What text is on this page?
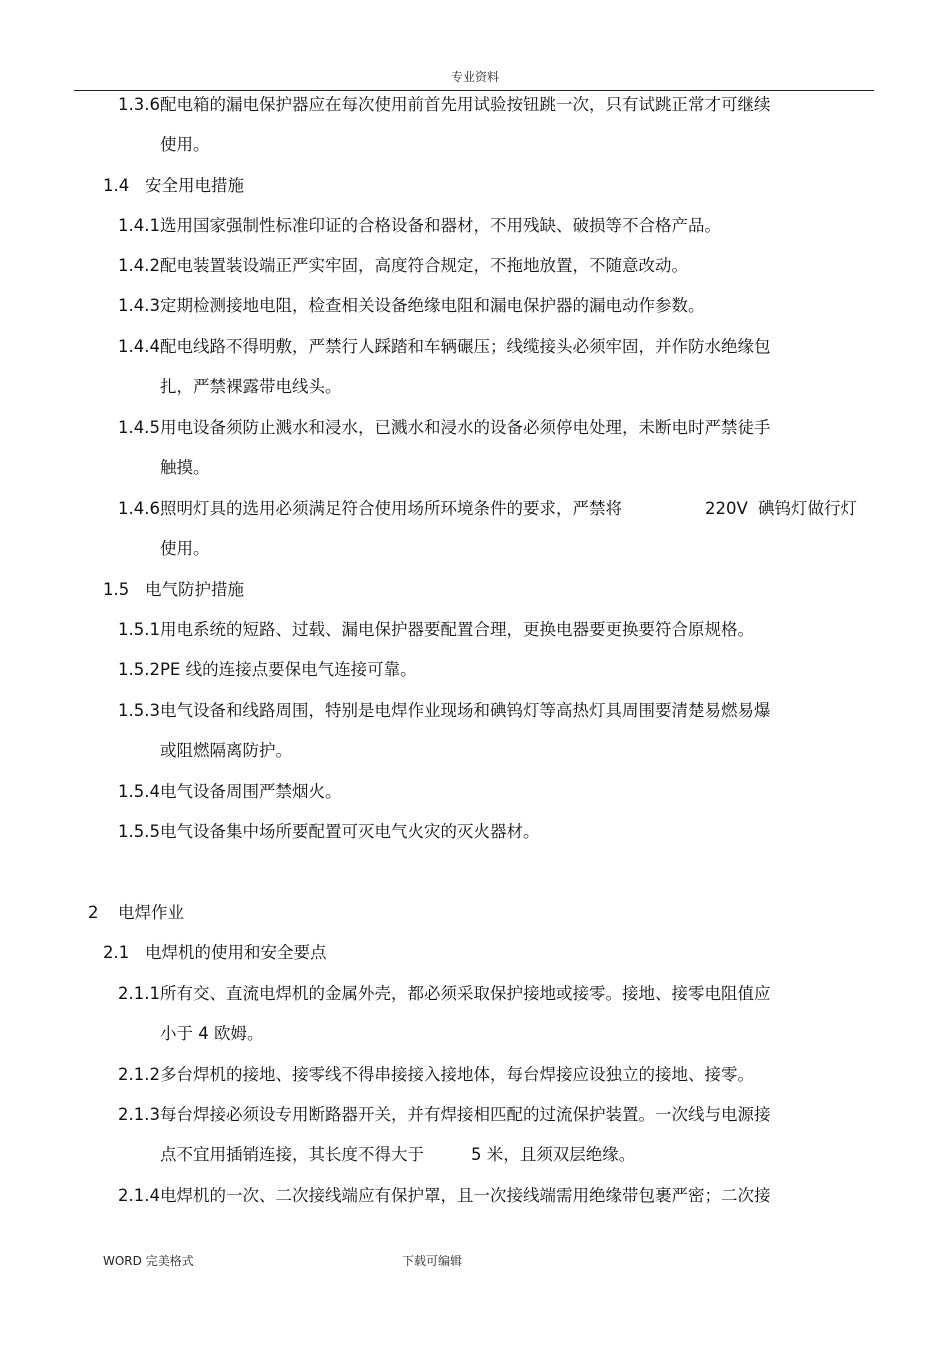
专业资料
1.3.6配电箱的漏电保护器应在每次使用前首先用试验按钮跳一次，只有试跳正常才可继续
使用。
1.4 安全用电措施
1.4.1选用国家强制性标准印证的合格设备和器材，不用残缺、破损等不合格产品。
1.4.2配电装置装设端正严实牢固，高度符合规定，不拖地放置，不随意改动。
1.4.3定期检测接地电阻，检查相关设备绝缘电阻和漏电保护器的漏电动作参数。
1.4.4配电线路不得明敷，严禁行人踩踏和车辆碾压；线缆接头必须牢固，并作防水绝缘包
扎，严禁裸露带电线头。
1.4.5用电设备须防止溅水和浸水，已溅水和浸水的设备必须停电处理，未断电时严禁徒手
触摸。
1.4.6照明灯具的选用必须满足符合使用场所环境条件的要求，严禁将	220V 碘钨灯做行灯
使用。
1.5 电气防护措施
1.5.1用电系统的短路、过载、漏电保护器要配置合理，更换电器要更换要符合原规格。
1.5.2PE 线的连接点要保电气连接可靠。
1.5.3电气设备和线路周围，特别是电焊作业现场和碘钨灯等高热灯具周围要清楚易燃易爆
或阻燃隔离防护。
1.5.4电气设备周围严禁烟火。
1.5.5电气设备集中场所要配置可灭电气火灾的灭火器材。
2 电焊作业
2.1 电焊机的使用和安全要点
2.1.1所有交、直流电焊机的金属外壳，都必须采取保护接地或接零。接地、接零电阻值应
小于 4 欧姆。
2.1.2多台焊机的接地、接零线不得串接接入接地体，每台焊接应设独立的接地、接零。
2.1.3每台焊接必须设专用断路器开关，并有焊接相匹配的过流保护装置。一次线与电源接
点不宜用插销连接，其长度不得大于	5 米，且须双层绝缘。
2.1.4电焊机的一次、二次接线端应有保护罩，且一次接线端需用绝缘带包裹严密；二次接
WORD 完美格式	下载可编辑
